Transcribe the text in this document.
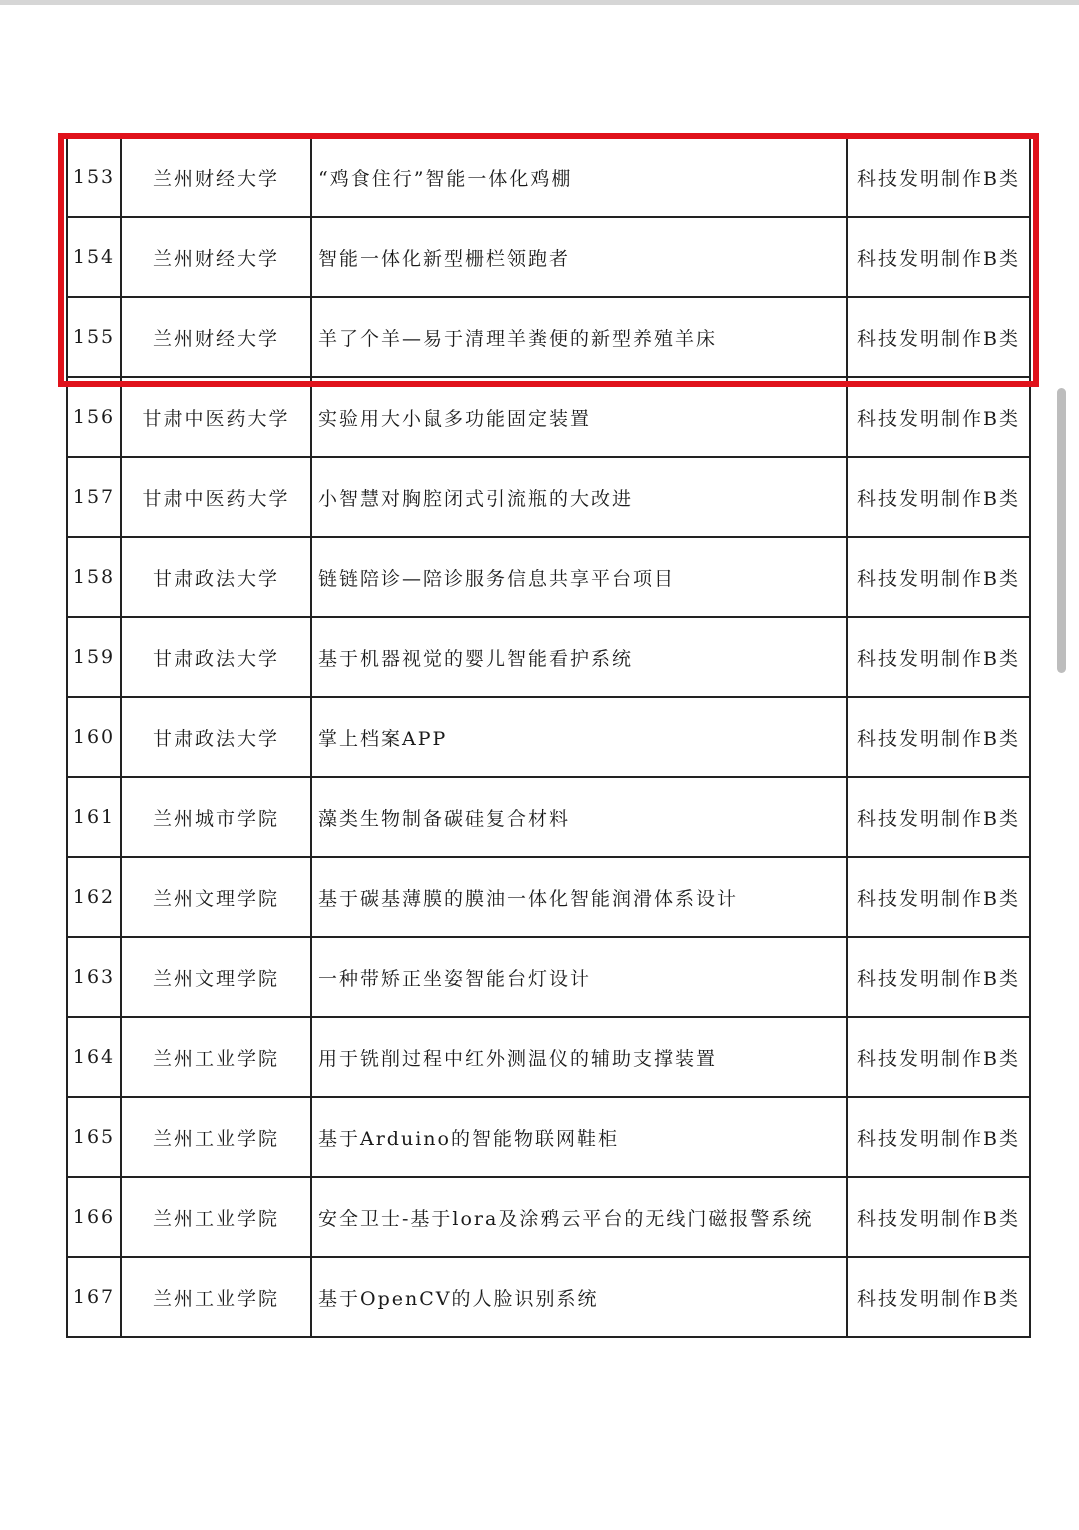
153	兰州财经大学	“鸡食住行”智能一体化鸡棚	科技发明制作B类
154	兰州财经大学	智能一体化新型栅栏领跑者	科技发明制作B类
155	兰州财经大学	羊了个羊—易于清理羊粪便的新型养殖羊床	科技发明制作B类
156	甘肃中医药大学	实验用大小鼠多功能固定装置	科技发明制作B类
157	甘肃中医药大学	小智慧对胸腔闭式引流瓶的大改进	科技发明制作B类
158	甘肃政法大学	链链陪诊—陪诊服务信息共享平台项目	科技发明制作B类
159	甘肃政法大学	基于机器视觉的婴儿智能看护系统	科技发明制作B类
160	甘肃政法大学	掌上档案APP	科技发明制作B类
161	兰州城市学院	藻类生物制备碳硅复合材料	科技发明制作B类
162	兰州文理学院	基于碳基薄膜的膜油一体化智能润滑体系设计	科技发明制作B类
163	兰州文理学院	一种带矫正坐姿智能台灯设计	科技发明制作B类
164	兰州工业学院	用于铣削过程中红外测温仪的辅助支撑装置	科技发明制作B类
165	兰州工业学院	基于Arduino的智能物联网鞋柜	科技发明制作B类
166	兰州工业学院	安全卫士-基于lora及涂鸦云平台的无线门磁报警系统	科技发明制作B类
167	兰州工业学院	基于OpenCV的人脸识别系统	科技发明制作B类
